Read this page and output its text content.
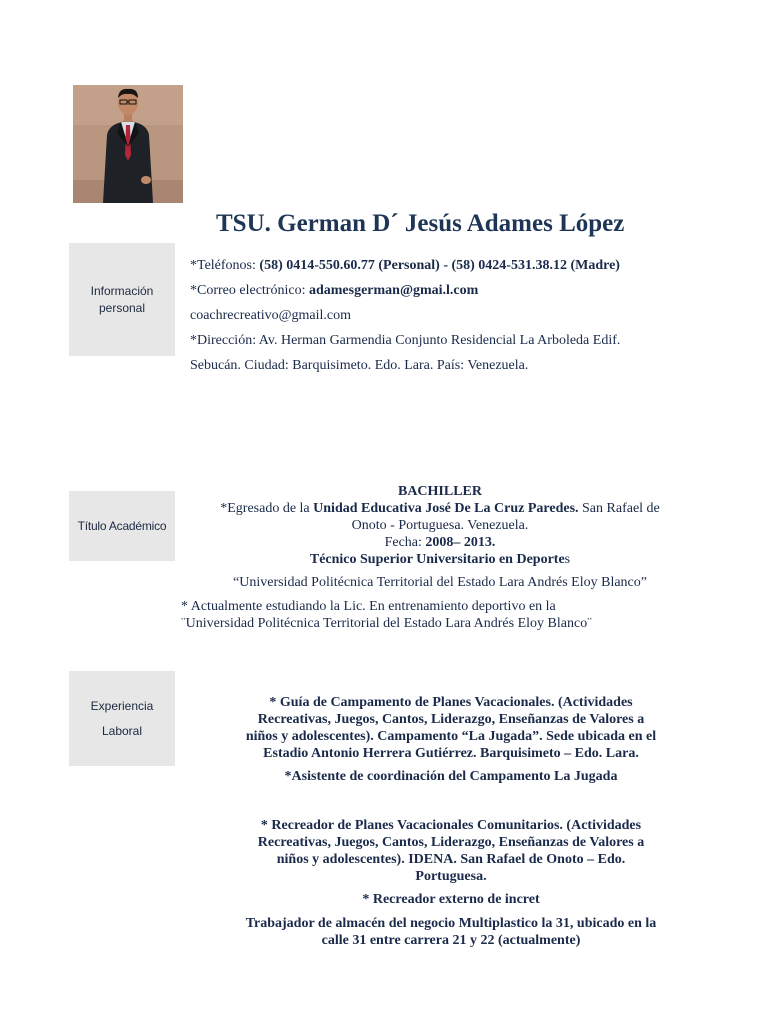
TSU. German D´ Jesús Adames López
Información
personal
*Teléfonos: (58) 0414-550.60.77 (Personal) - (58) 0424-531.38.12 (Madre)
*Correo electrónico: adamesgerman@gmai.l.com
coachrecreativo@gmail.com
*Dirección: Av. Herman Garmendia Conjunto Residencial La Arboleda Edif.
Sebucán. Ciudad: Barquisimeto. Edo. Lara. País: Venezuela.
Título Académico
BACHILLER
*Egresado de la Unidad Educativa José De La Cruz Paredes. San Rafael de
Onoto - Portuguesa. Venezuela.
Fecha: 2008– 2013.
Técnico Superior Universitario en Deportes
“Universidad Politécnica Territorial del Estado Lara Andrés Eloy Blanco”
* Actualmente estudiando la Lic. En entrenamiento deportivo en la
¨Universidad Politécnica Territorial del Estado Lara Andrés Eloy Blanco¨
Experiencia
Laboral
* Guía de Campamento de Planes Vacacionales. (Actividades
Recreativas, Juegos, Cantos, Liderazgo, Enseñanzas de Valores a
niños y adolescentes). Campamento “La Jugada”. Sede ubicada en el
Estadio Antonio Herrera Gutiérrez. Barquisimeto – Edo. Lara.
*Asistente de coordinación del Campamento La Jugada
* Recreador de Planes Vacacionales Comunitarios. (Actividades
Recreativas, Juegos, Cantos, Liderazgo, Enseñanzas de Valores a
niños y adolescentes). IDENA. San Rafael de Onoto – Edo.
Portuguesa.
* Recreador externo de incret
Trabajador de almacén del negocio Multiplastico la 31, ubicado en la
calle 31 entre carrera 21 y 22 (actualmente)
